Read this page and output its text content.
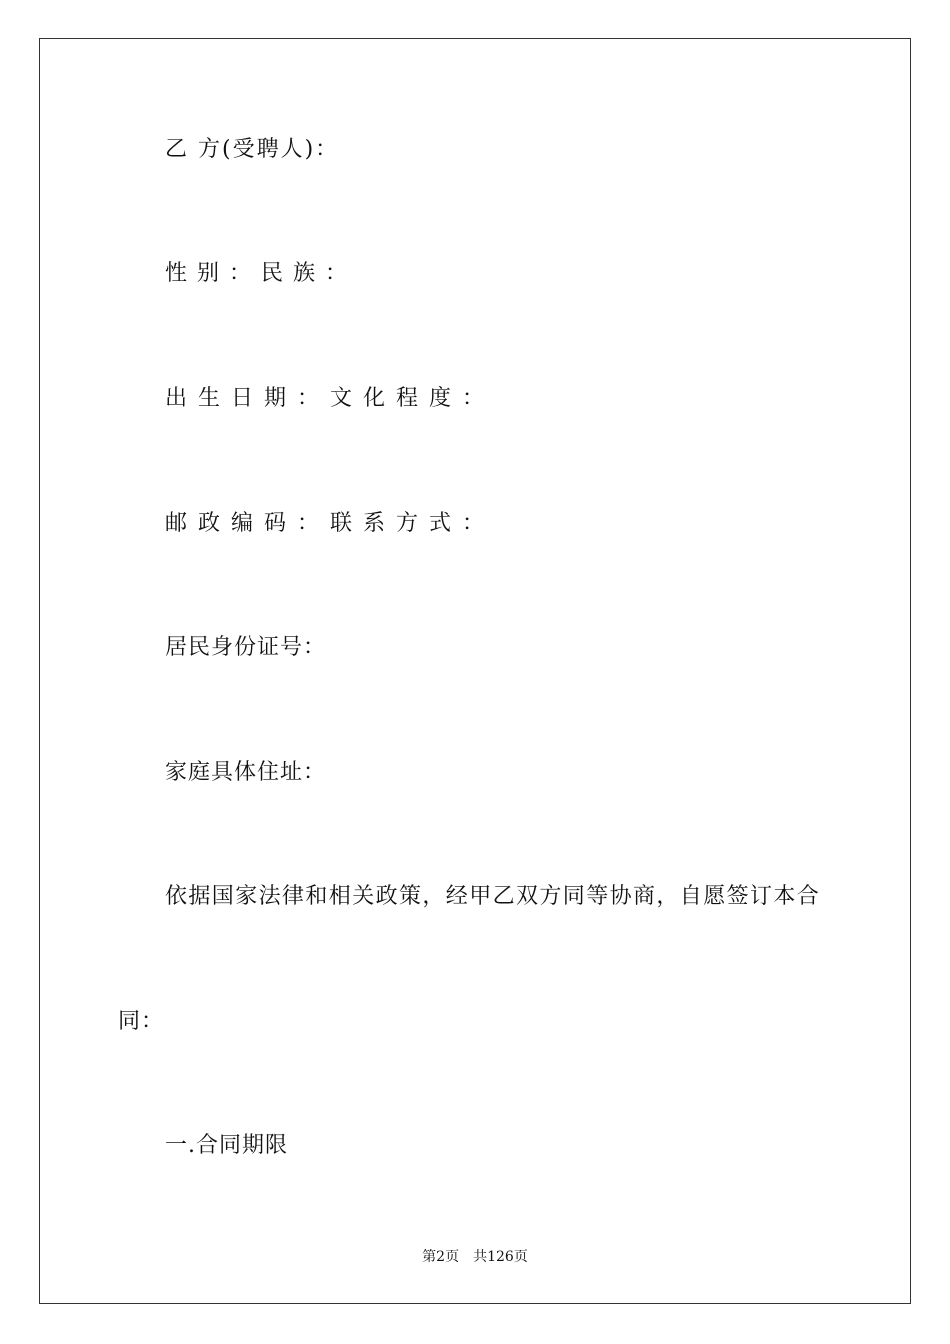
乙 方(受聘人)：
性别：民族：
出生日期：文化程度：
邮政编码：联系方式：
居民身份证号：
家庭具体住址：
依据国家法律和相关政策，经甲乙双方同等协商，自愿签订本合
同：
一.合同期限
第2页 共126页
